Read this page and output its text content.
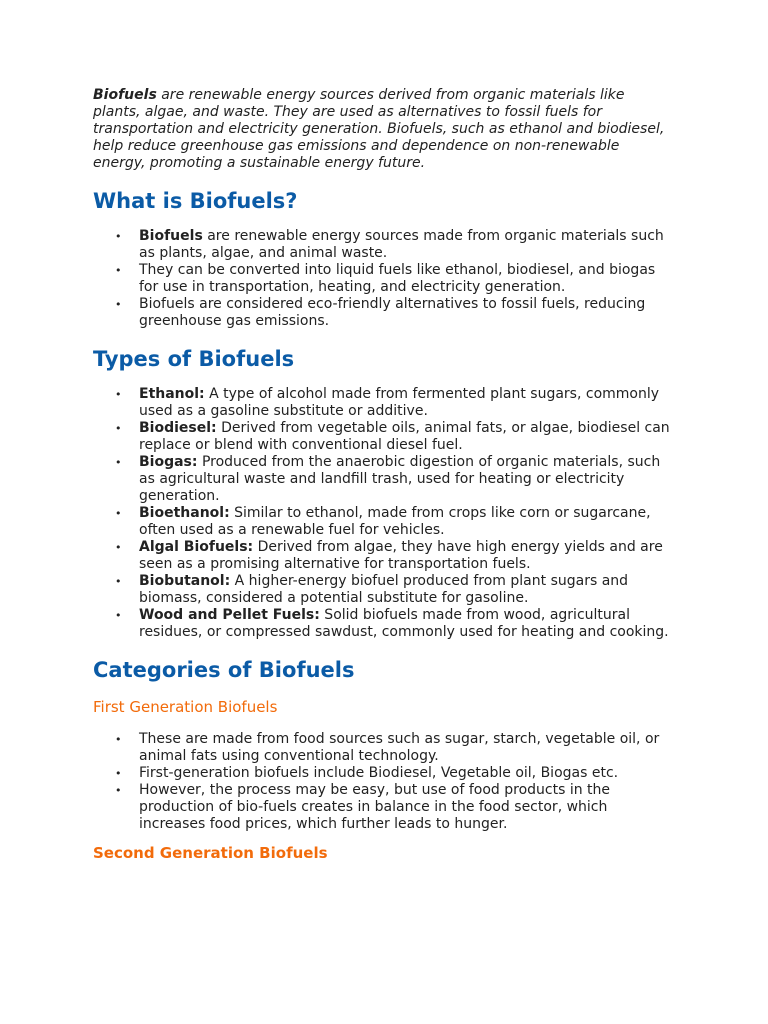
Biofuels are renewable energy sources derived from organic materials like plants, algae, and waste. They are used as alternatives to fossil fuels for transportation and electricity generation. Biofuels, such as ethanol and biodiesel, help reduce greenhouse gas emissions and dependence on non-renewable energy, promoting a sustainable energy future.

What is Biofuels?
• Biofuels are renewable energy sources made from organic materials such as plants, algae, and animal waste.
• They can be converted into liquid fuels like ethanol, biodiesel, and biogas for use in transportation, heating, and electricity generation.
• Biofuels are considered eco-friendly alternatives to fossil fuels, reducing greenhouse gas emissions.
Types of Biofuels
• Ethanol: A type of alcohol made from fermented plant sugars, commonly used as a gasoline substitute or additive.
• Biodiesel: Derived from vegetable oils, animal fats, or algae, biodiesel can replace or blend with conventional diesel fuel.
• Biogas: Produced from the anaerobic digestion of organic materials, such as agricultural waste and landfill trash, used for heating or electricity generation.
• Bioethanol: Similar to ethanol, made from crops like corn or sugarcane, often used as a renewable fuel for vehicles.
• Algal Biofuels: Derived from algae, they have high energy yields and are seen as a promising alternative for transportation fuels.
• Biobutanol: A higher-energy biofuel produced from plant sugars and biomass, considered a potential substitute for gasoline.
• Wood and Pellet Fuels: Solid biofuels made from wood, agricultural residues, or compressed sawdust, commonly used for heating and cooking.
Categories of Biofuels
First Generation Biofuels
• These are made from food sources such as sugar, starch, vegetable oil, or animal fats using conventional technology.
• First-generation biofuels include Biodiesel, Vegetable oil, Biogas etc.
• However, the process may be easy, but use of food products in the production of bio-fuels creates in balance in the food sector, which increases food prices, which further leads to hunger.
Second Generation Biofuels
